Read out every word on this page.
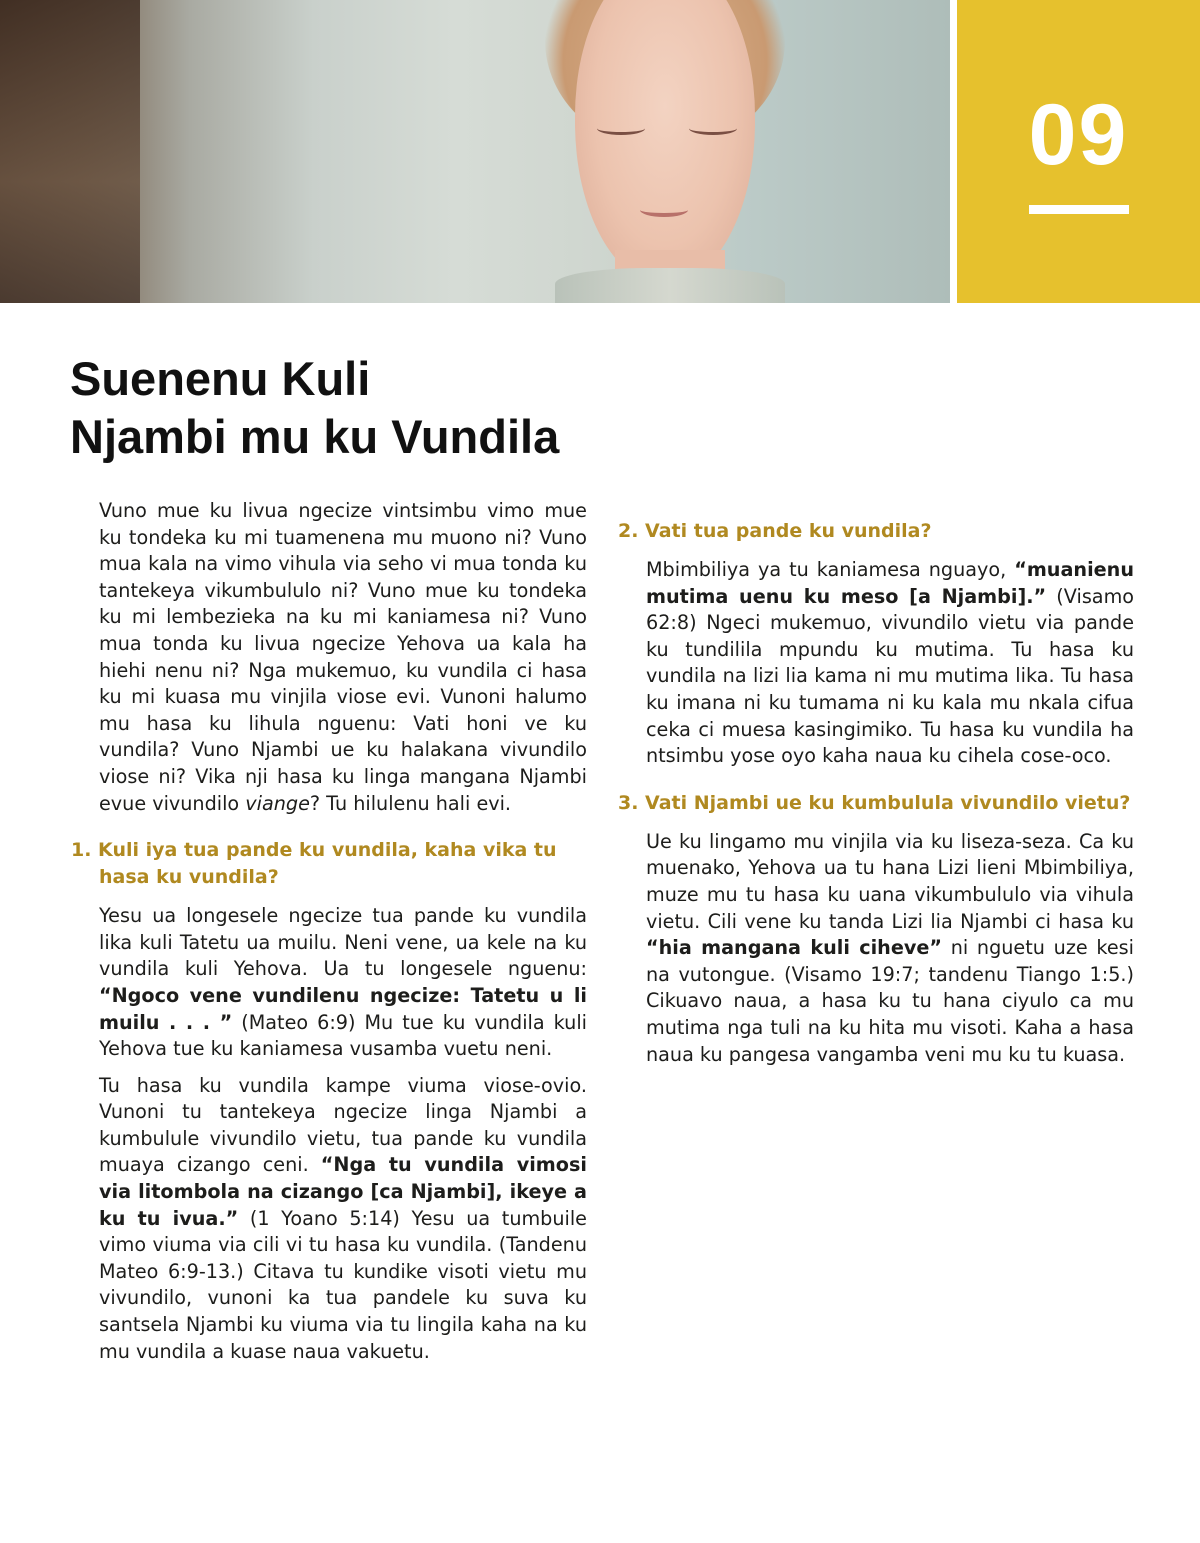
09
Suenenu Kuli
Njambi mu ku Vundila

Vuno mue ku livua ngecize vintsimbu vimo mue ku tondeka ku mi tuamenena mu muono ni? Vuno mua kala na vimo vihula via seho vi mua tonda ku tantekeya vikumbululo ni? Vuno mue ku tondeka ku mi lembezieka na ku mi kaniamesa ni? Vuno mua tonda ku livua ngecize Yehova ua kala ha hiehi nenu ni? Nga mukemuo, ku vundila ci hasa ku mi kuasa mu vinjila viose evi. Vunoni halumo mu hasa ku lihula nguenu: Vati honi ve ku vundila? Vuno Njambi ue ku halakana vivundilo viose ni? Vika nji hasa ku linga mangana Njambi evue vivundilo viange? Tu hilulenu hali evi.

1. Kuli iya tua pande ku vundila, kaha vika tu hasa ku vundila?

Yesu ua longesele ngecize tua pande ku vundila lika kuli Tatetu ua muilu. Neni vene, ua kele na ku vundila kuli Yehova. Ua tu longesele nguenu: “Ngoco vene vundilenu ngecize: Tatetu u li muilu . . . ” (Mateo 6:9) Mu tue ku vundila kuli Yehova tue ku kaniamesa vusamba vuetu neni.

Tu hasa ku vundila kampe viuma viose-ovio. Vunoni tu tantekeya ngecize linga Njambi a kumbulule vivundilo vietu, tua pande ku vundila muaya cizango ceni. “Nga tu vundila vimosi via litombola na cizango [ca Njambi], ikeye a ku tu ivua.” (1 Yoano 5:14) Yesu ua tumbuile vimo viuma via cili vi tu hasa ku vundila. (Tandenu Mateo 6:9-13.) Citava tu kundike visoti vietu mu vivundilo, vunoni ka tua pandele ku suva ku santsela Njambi ku viuma via tu lingila kaha na ku mu vundila a kuase naua vakuetu.

2. Vati tua pande ku vundila?

Mbimbiliya ya tu kaniamesa nguayo, “muanienu mutima uenu ku meso [a Njambi].” (Visamo 62:8) Ngeci mukemuo, vivundilo vietu via pande ku tundilila mpundu ku mutima. Tu hasa ku vundila na lizi lia kama ni mu mutima lika. Tu hasa ku imana ni ku tumama ni ku kala mu nkala cifua ceka ci muesa kasingimiko. Tu hasa ku vundila ha ntsimbu yose oyo kaha naua ku cihela cose-oco.

3. Vati Njambi ue ku kumbulula vivundilo vietu?

Ue ku lingamo mu vinjila via ku liseza-seza. Ca ku muenako, Yehova ua tu hana Lizi lieni Mbimbiliya, muze mu tu hasa ku uana vikumbululo via vihula vietu. Cili vene ku tanda Lizi lia Njambi ci hasa ku “hia mangana kuli ciheve” ni nguetu uze kesi na vutongue. (Visamo 19:7; tandenu Tiango 1:5.) Cikuavo naua, a hasa ku tu hana ciyulo ca mu mutima nga tuli na ku hita mu visoti. Kaha a hasa naua ku pangesa vangamba veni mu ku tu kuasa.
